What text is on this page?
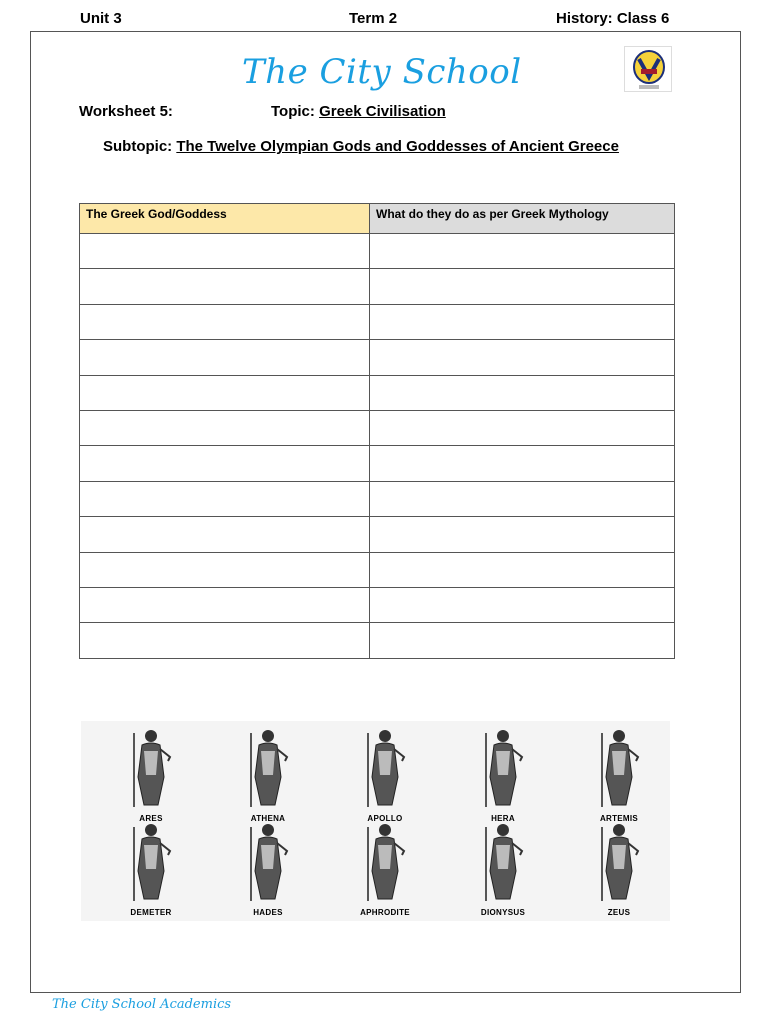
Unit 3	Term 2	History: Class 6
The City School
Worksheet 5:	Topic: Greek Civilisation
Subtopic: The Twelve Olympian Gods and Goddesses of Ancient Greece
The Greek God/Goddess	What do they do as per Greek Mythology

ARES	ATHENA	APOLLO	HERA	ARTEMIS
DEMETER	HADES	APHRODITE	DIONYSUS	ZEUS
The City School Academics
